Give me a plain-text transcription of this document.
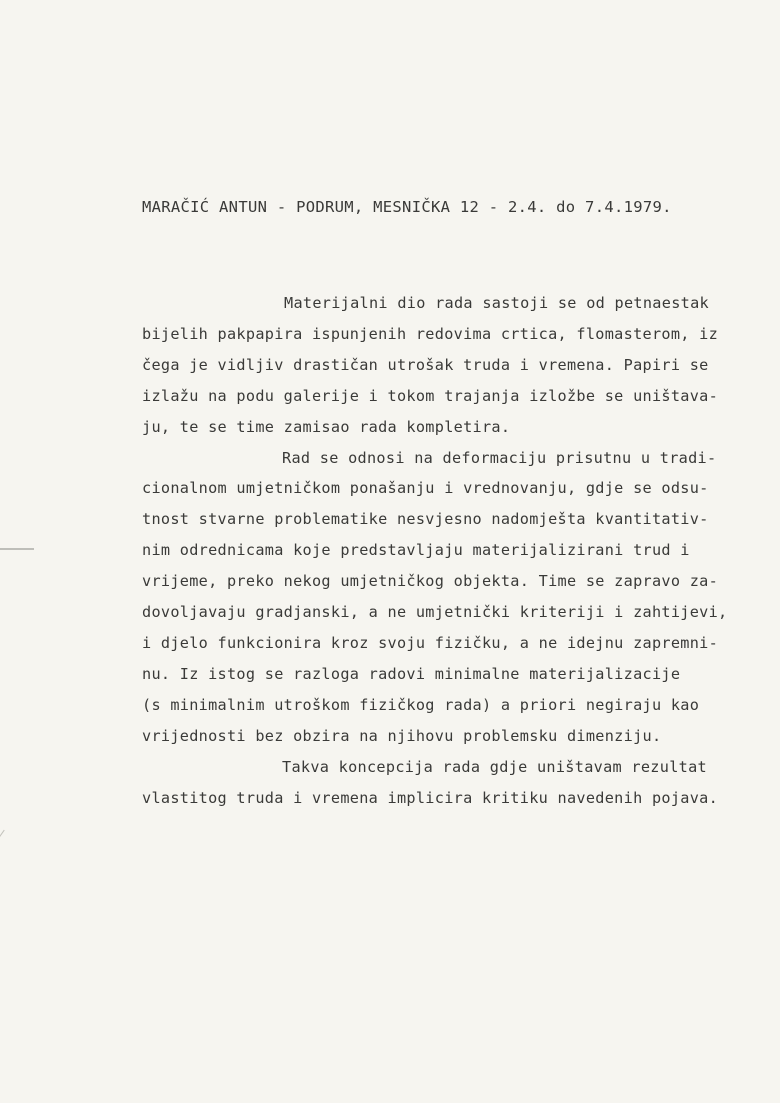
MARAČIĆ ANTUN - PODRUM, MESNIČKA 12 - 2.4. do 7.4.1979.
Materijalni dio rada sastoji se od petnaestak
bijelih pakpapira ispunjenih redovima crtica, flomasterom, iz
čega je vidljiv drastičan utrošak truda i vremena. Papiri se
izlažu na podu galerije i tokom trajanja izložbe se uništava-
ju, te se time zamisao rada kompletira.
Rad se odnosi na deformaciju prisutnu u tradi-
cionalnom umjetničkom ponašanju i vrednovanju, gdje se odsu-
tnost stvarne problematike nesvjesno nadomješta kvantitativ-
nim odrednicama koje predstavljaju materijalizirani trud i
vrijeme, preko nekog umjetničkog objekta. Time se zapravo za-
dovoljavaju gradjanski, a ne umjetnički kriteriji i zahtijevi,
i djelo funkcionira kroz svoju fizičku, a ne idejnu zapremni-
nu. Iz istog se razloga radovi minimalne materijalizacije
(s minimalnim utroškom fizičkog rada) a priori negiraju kao
vrijednosti bez obzira na njihovu problemsku dimenziju.
Takva koncepcija rada gdje uništavam rezultat
vlastitog truda i vremena implicira kritiku navedenih pojava.
